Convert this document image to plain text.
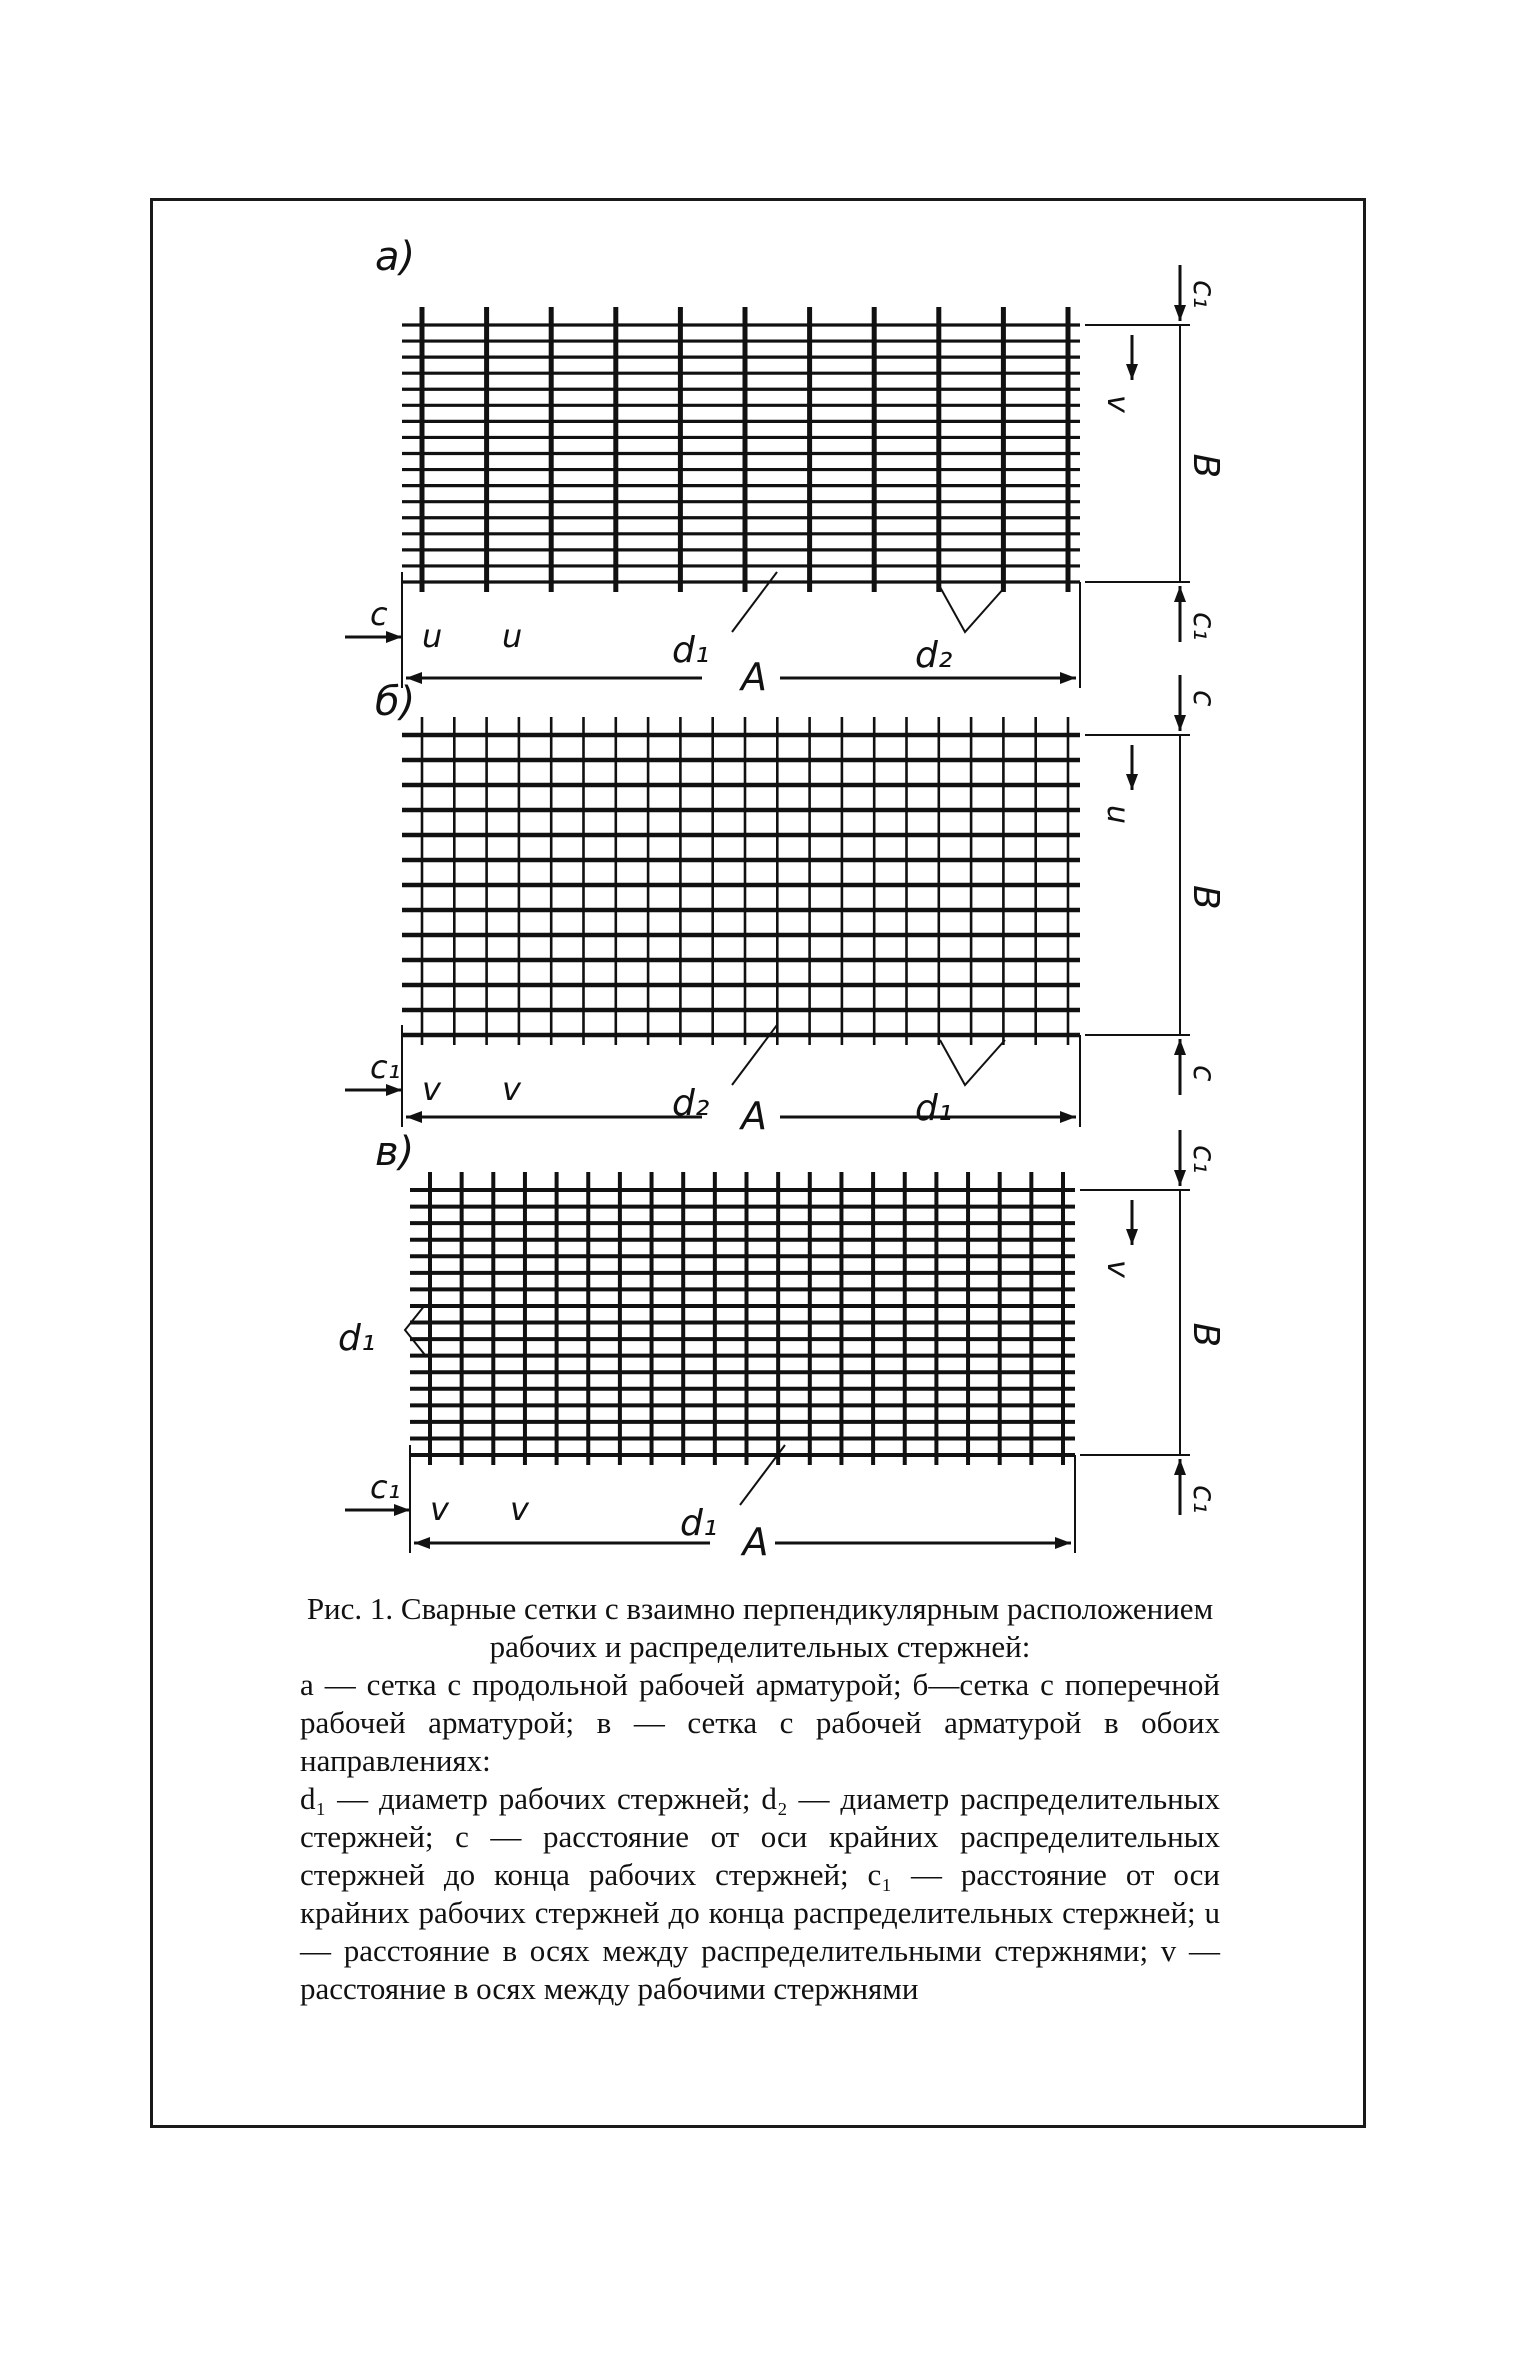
а)
B
c₁
c₁
v
c
u u
A
d₁	d₂
б)
B
c
c
u
c₁
v v
A
d₂	d₁
в)
B
c₁
c₁
v
c₁
v v
A
d₁
d₁

Рис. 1. Сварные сетки с взаимно перпендикулярным расположением рабочих и распределительных стержней:

а — сетка с продольной рабочей арматурой; б—сетка с поперечной рабочей арматурой; в — сетка с рабочей арматурой в обоих направлениях:

d₁ — диаметр рабочих стержней; d₂ — диаметр распределительных стержней; c — расстояние от оси крайних распределительных стержней до конца рабочих стержней; c₁ — расстояние от оси крайних рабочих стержней до конца распределительных стержней; u — расстояние в осях между распределительными стержнями; v — расстояние в осях между рабочими стержнями
